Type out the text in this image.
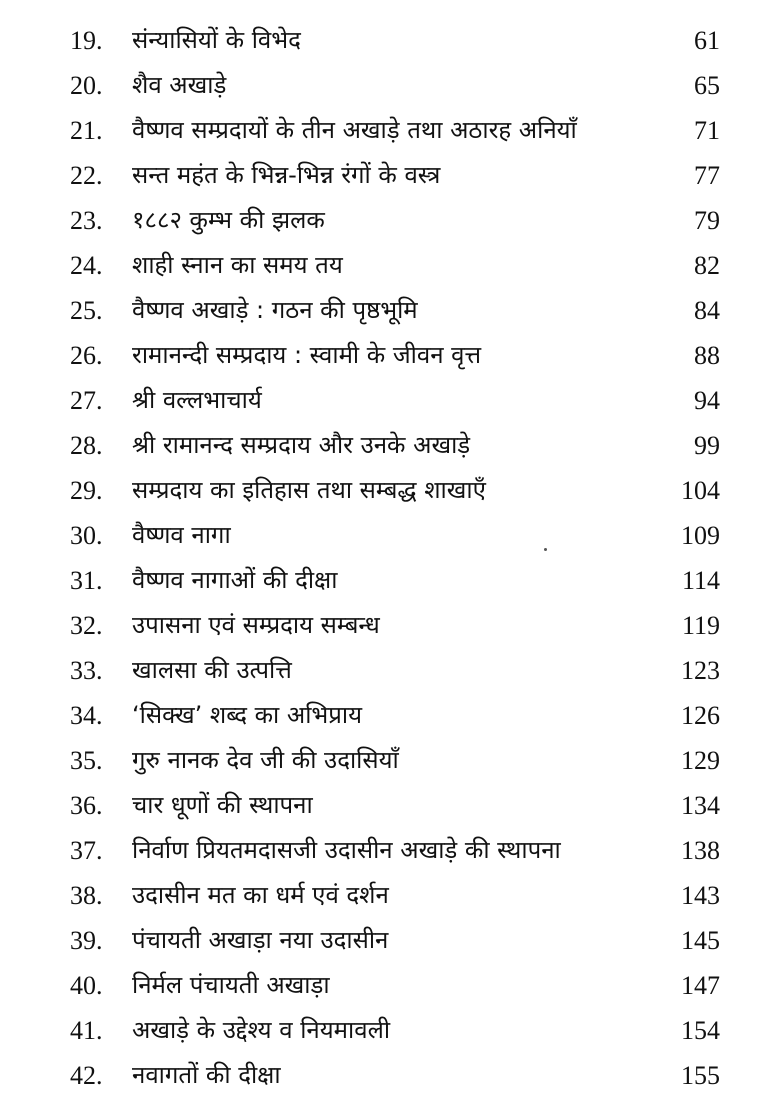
19.	संन्यासियों के विभेद	61
20.	शैव अखाड़े	65
21.	वैष्णव सम्प्रदायों के तीन अखाड़े तथा अठारह अनियाँ	71
22.	सन्त महंत के भिन्न-भिन्न रंगों के वस्त्र	77
23.	१८८२ कुम्भ की झलक	79
24.	शाही स्नान का समय तय	82
25.	वैष्णव अखाड़े : गठन की पृष्ठभूमि	84
26.	रामानन्दी सम्प्रदाय : स्वामी के जीवन वृत्त	88
27.	श्री वल्लभाचार्य	94
28.	श्री रामानन्द सम्प्रदाय और उनके अखाड़े	99
29.	सम्प्रदाय का इतिहास तथा सम्बद्ध शाखाएँ	104
30.	वैष्णव नागा	109
31.	वैष्णव नागाओं की दीक्षा	114
32.	उपासना एवं सम्प्रदाय सम्बन्ध	119
33.	खालसा की उत्पत्ति	123
34.	‘सिक्ख’ शब्द का अभिप्राय	126
35.	गुरु नानक देव जी की उदासियाँ	129
36.	चार धूणों की स्थापना	134
37.	निर्वाण प्रियतमदासजी उदासीन अखाड़े की स्थापना	138
38.	उदासीन मत का धर्म एवं दर्शन	143
39.	पंचायती अखाड़ा नया उदासीन	145
40.	निर्मल पंचायती अखाड़ा	147
41.	अखाड़े के उद्देश्य व नियमावली	154
42.	नवागतों की दीक्षा	155
